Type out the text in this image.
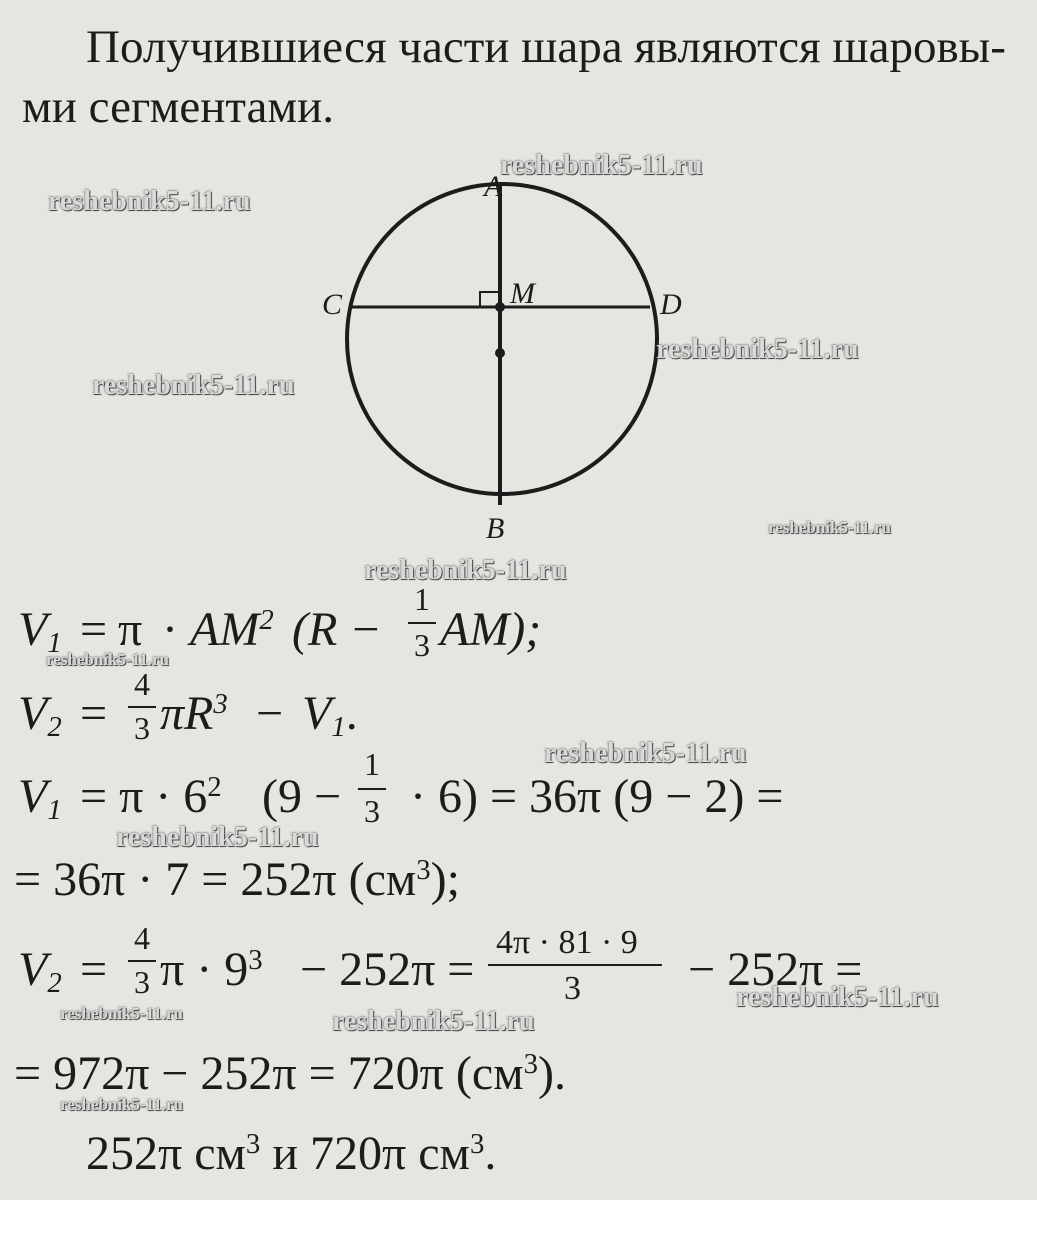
Получившиеся части шара являются шаровы-
ми сегментами.
A
B
C	D
M
$V_1 = \pi \cdot AM^2$ (R −
1
3 AM);
$V_2$ =
4
3 $\pi R^3 - V_1$.
$V_1 = \pi \cdot 6^2$ (9 −
1
3 · 6) = 36π (9 − 2) =
= 36π · 7 = 252π $(см^3)$;
$V_2$ =
4
3 $\pi \cdot 9^3 - 252\pi$ =
4π · 81 · 9
3 − 252π =
= 972π − 252π = 720π $(см^3)$.
252π $см^3$ и 720π $см^3$.
reshebnik5-11.ru
reshebnik5-11.ru
reshebnik5-11.ru
reshebnik5-11.ru
reshebnik5-11.ru
reshebnik5-11.ru
reshebnik5-11.ru
reshebnik5-11.ru
reshebnik5-11.ru
reshebnik5-11.ru
reshebnik5-11.ru	reshebnik5-11.ru
reshebnik5-11.ru
